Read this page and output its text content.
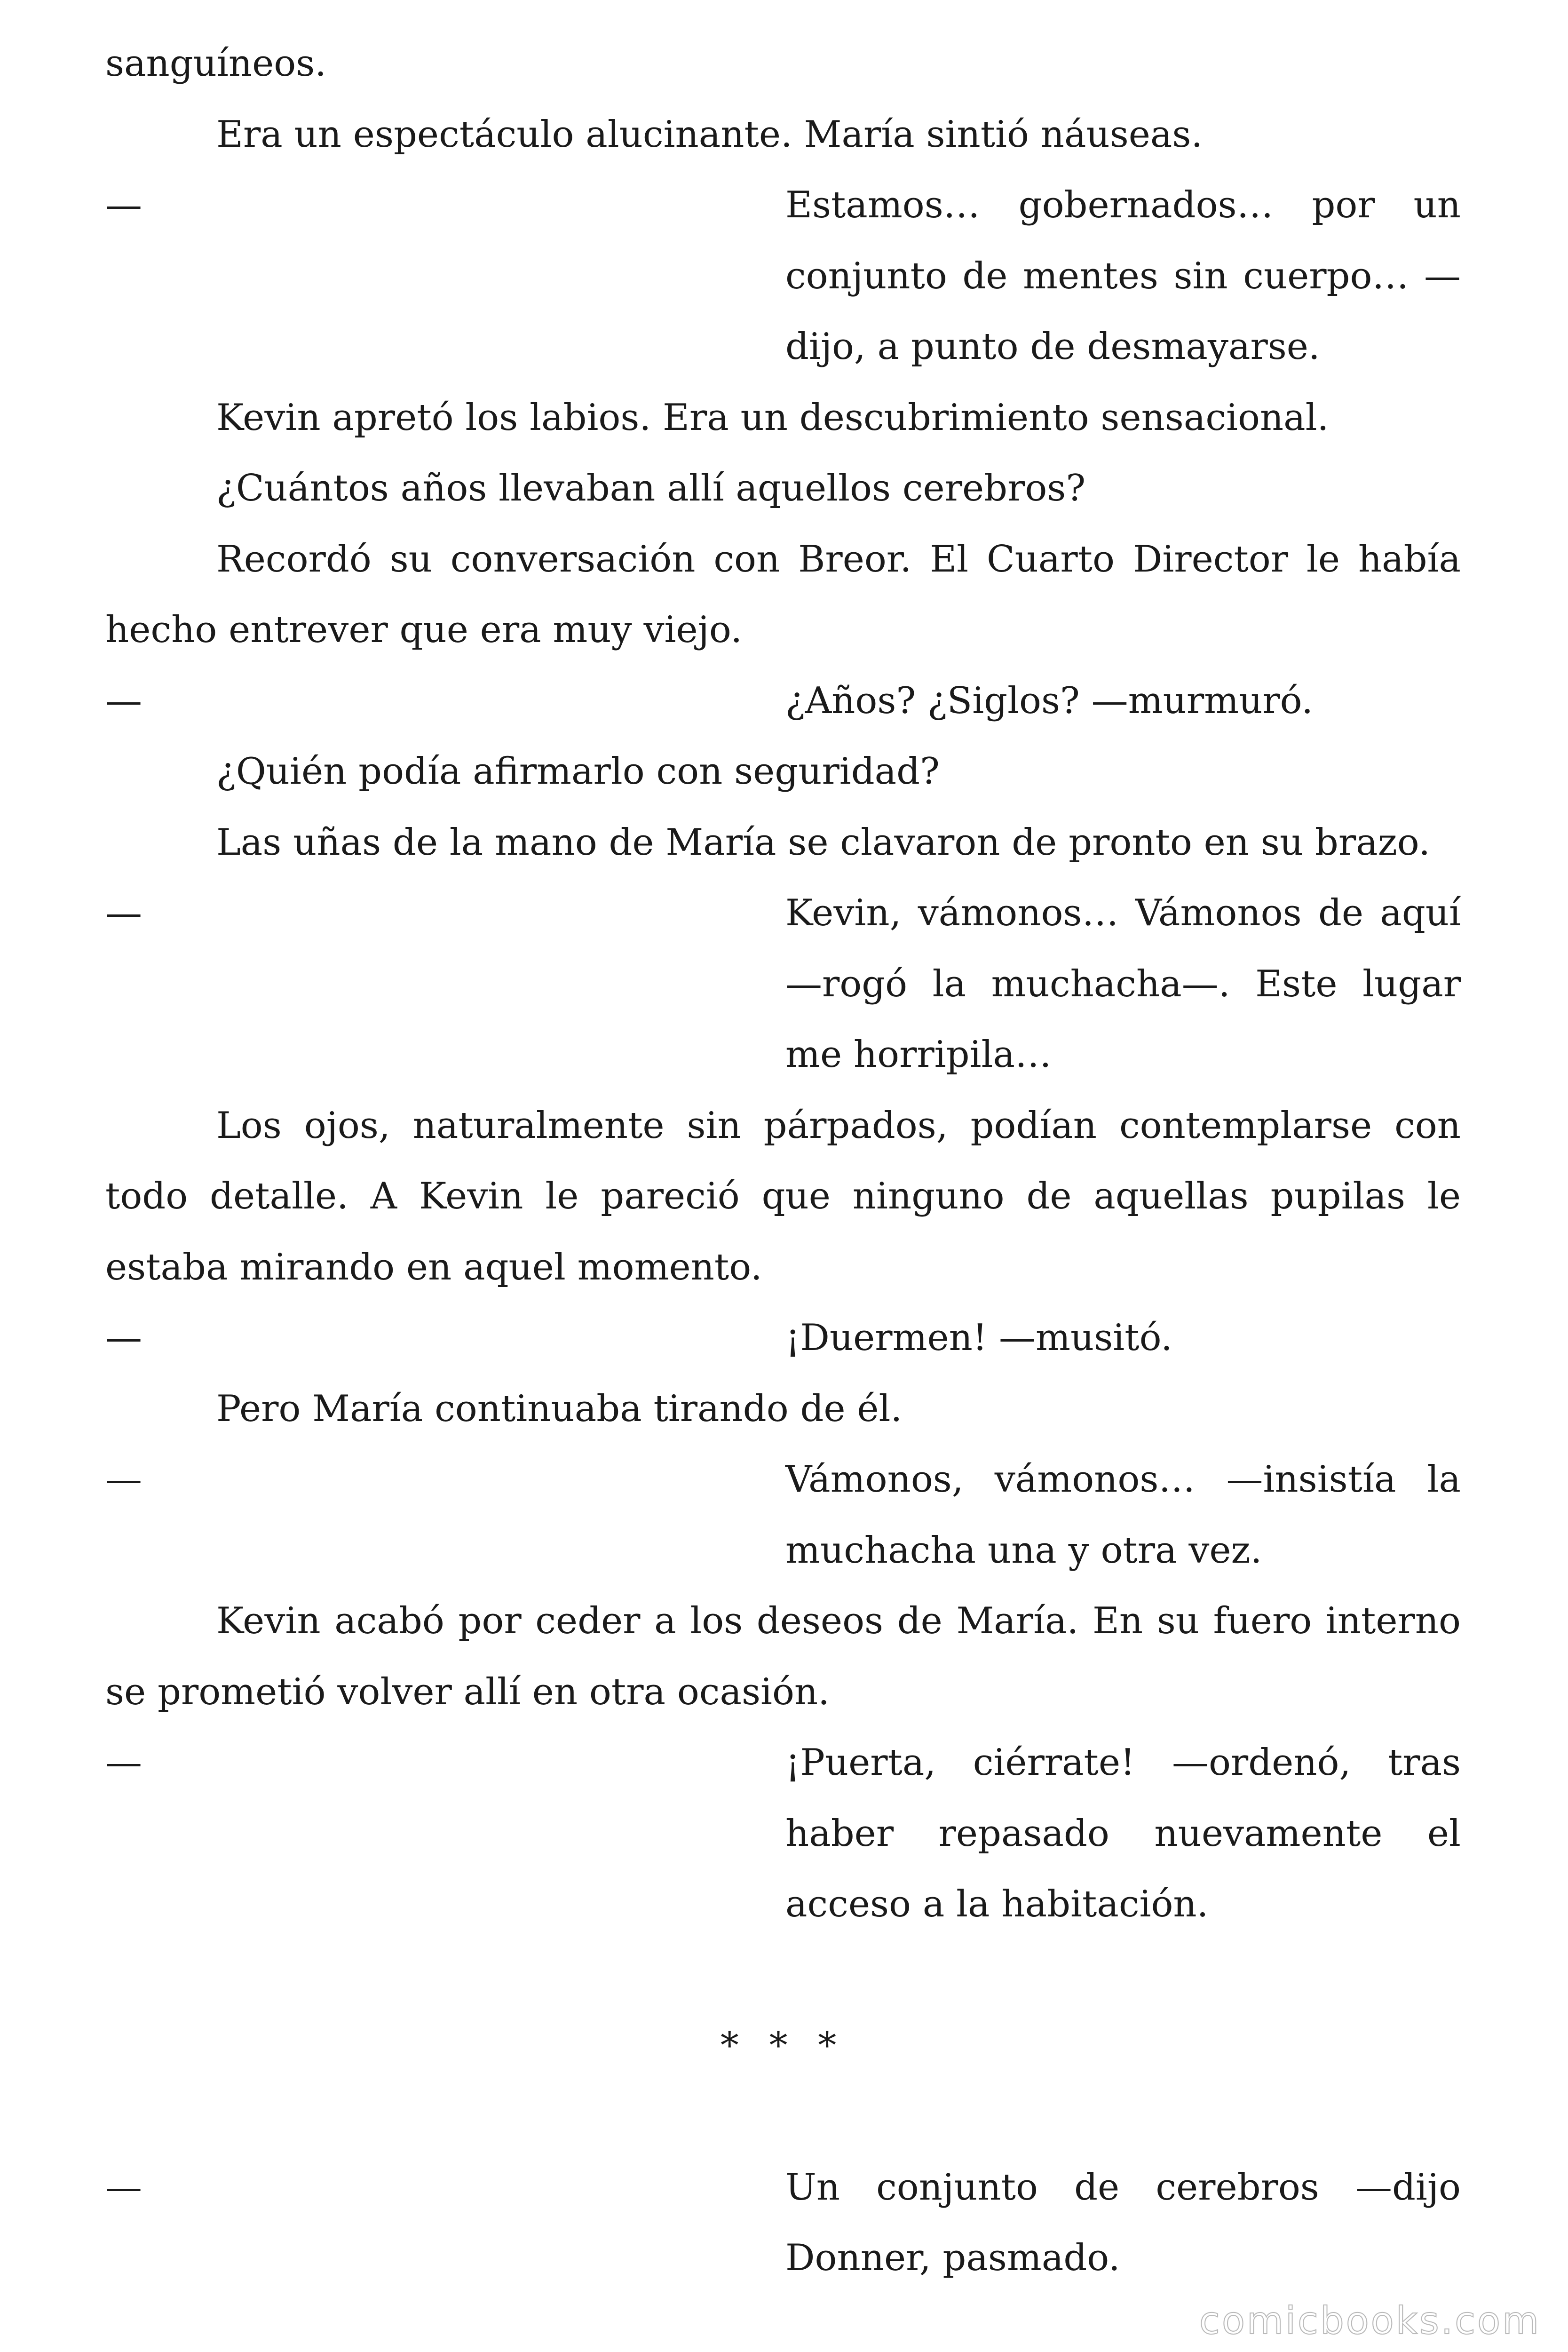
sanguíneos.

Era un espectáculo alucinante. María sintió náuseas.

—	Estamos… gobernados… por un conjunto de mentes sin cuerpo… —dijo, a punto de desmayarse.

Kevin apretó los labios. Era un descubrimiento sensacional.

¿Cuántos años llevaban allí aquellos cerebros?

Recordó su conversación con Breor. El Cuarto Director le había hecho entrever que era muy viejo.

—	¿Años? ¿Siglos? —murmuró.

¿Quién podía afirmarlo con seguridad?

Las uñas de la mano de María se clavaron de pronto en su brazo.

—	Kevin, vámonos… Vámonos de aquí —rogó la muchacha—. Este lugar me horripila…

Los ojos, naturalmente sin párpados, podían contemplarse con todo detalle. A Kevin le pareció que ninguno de aquellas pupilas le estaba mirando en aquel momento.

—	¡Duermen! —musitó.

Pero María continuaba tirando de él.

—	Vámonos, vámonos… —insistía la muchacha una y otra vez.

Kevin acabó por ceder a los deseos de María. En su fuero interno se prometió volver allí en otra ocasión.

—	¡Puerta, ciérrate! —ordenó, tras haber repasado nuevamente el acceso a la habitación.
* * *
—	Un conjunto de cerebros —dijo Donner, pasmado.
comicbooks.com
